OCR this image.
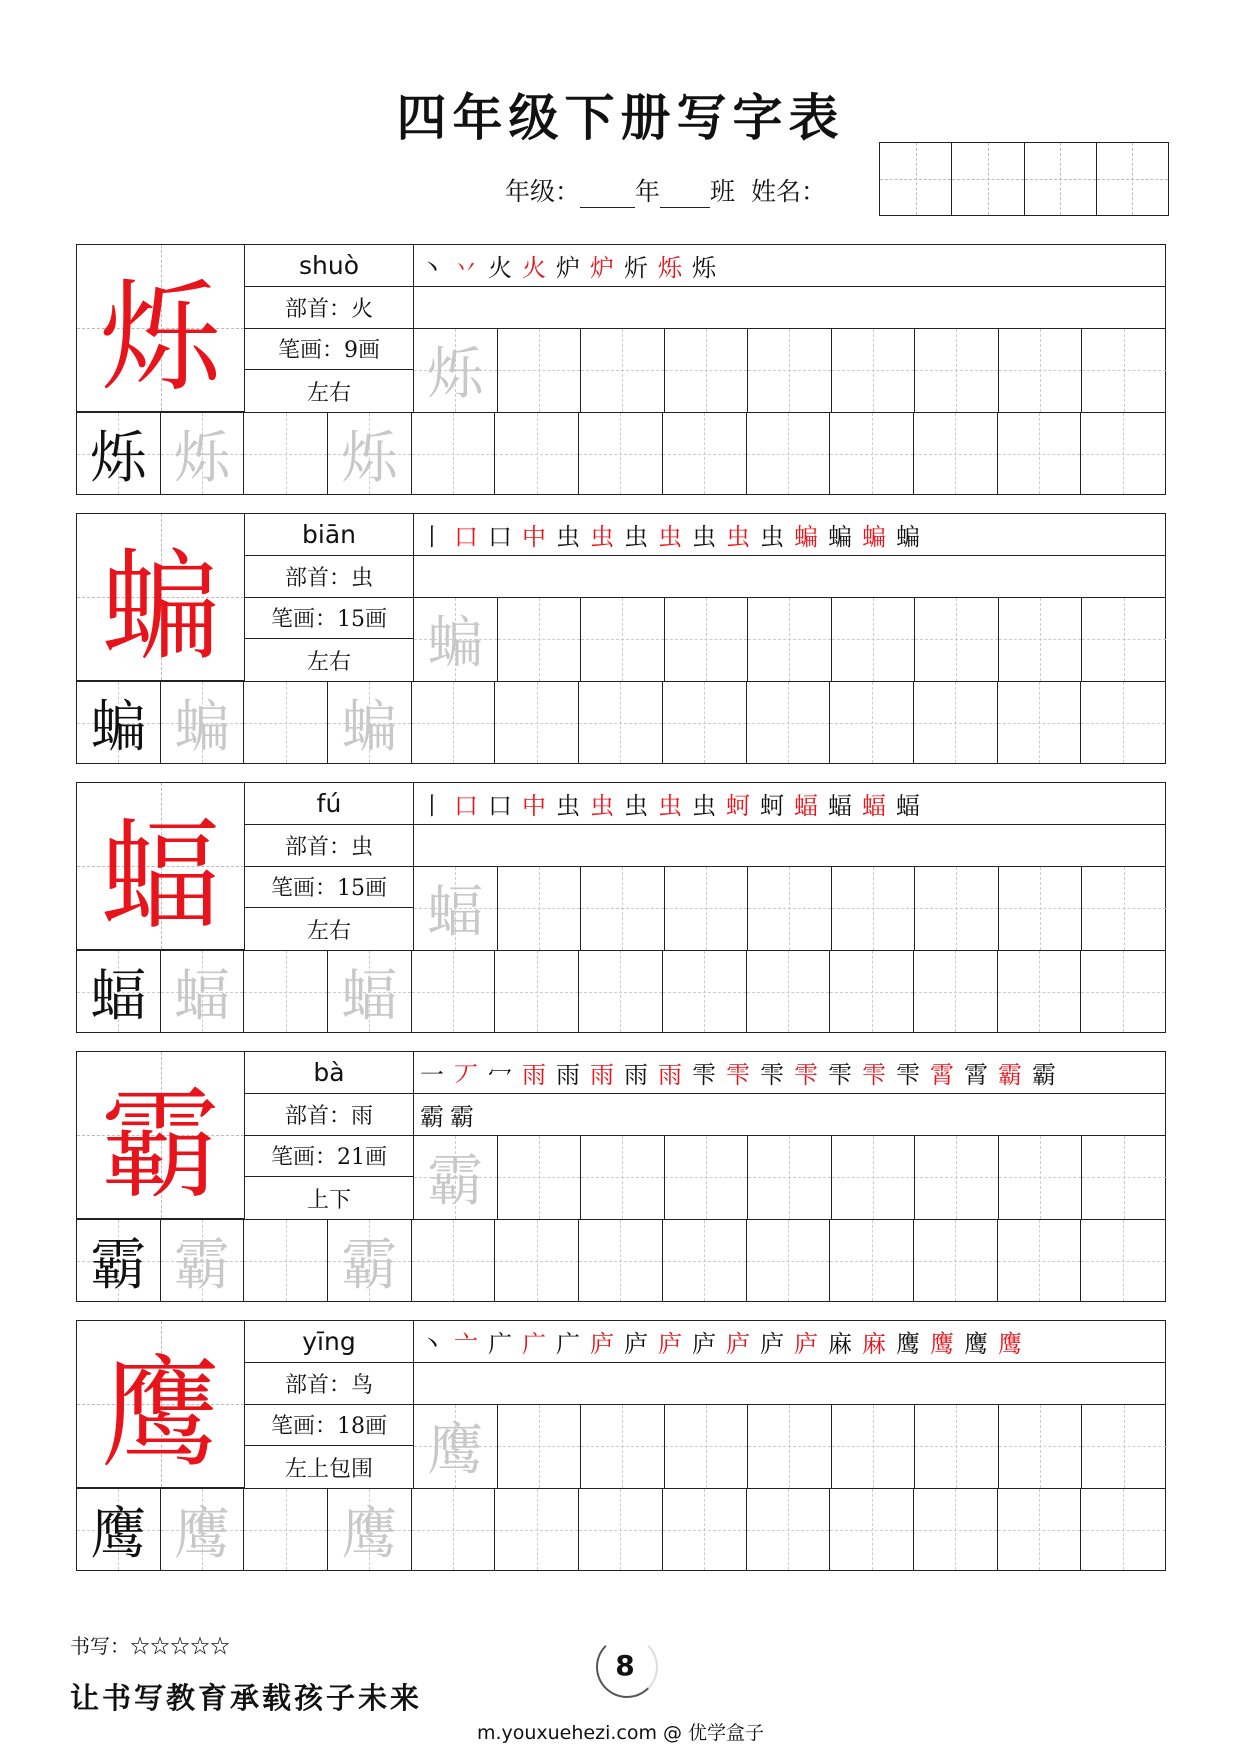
四年级下册写字表
年级： 年 班 姓名：
烁
shuò
部首：火
笔画：9画
左右
丶 丷 火 火 炉 炉 炘 烁 烁
烁
烁 烁 烁
蝙
biān
部首：虫
笔画：15画
左右
丨 口 口 中 虫 虫 虫 虫 虫 虫 虫 蝙 蝙 蝙 蝙
蝙
蝙 蝙 蝙
蝠
fú
部首：虫
笔画：15画
左右
丨 口 口 中 虫 虫 虫 虫 虫 蚵 蚵 蝠 蝠 蝠 蝠
蝠
蝠 蝠 蝠
霸
bà
部首：雨
笔画：21画
上下
一 丆 冖 雨 雨 雨 雨 雨 雫 雫 雫 雫 雫 雫 雫 霄 霄 霸 霸
霸 霸
霸
霸 霸 霸
鹰
yīng
部首：鸟
笔画：18画
左上包围
丶 亠 广 广 广 庐 庐 庐 庐 庐 庐 庐 麻 麻 鹰 鹰 鹰 鹰
鹰
鹰 鹰 鹰
书写：☆☆☆☆☆
让书写教育承载孩子未来
8
m.youxuehezi.com @ 优学盒子
